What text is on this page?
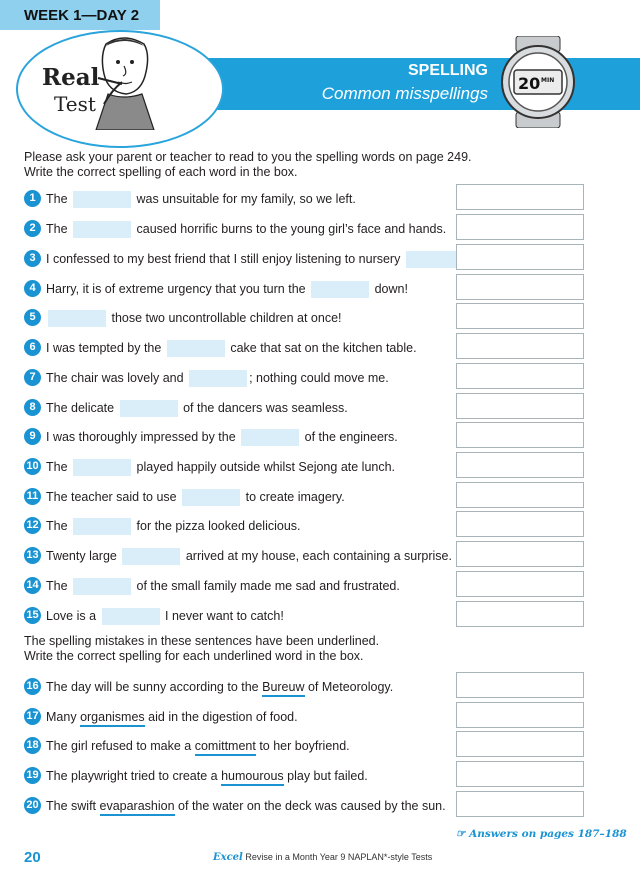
WEEK 1—DAY 2
SPELLING
Common misspellings
Real
Test
20 MIN
Please ask your parent or teacher to read to you the spelling words on page 249.
Write the correct spelling of each word in the box.
1 The	was unsuitable for my family, so we left.
2 The	caused horrific burns to the young girl’s face and hands.
3 I confessed to my best friend that I still enjoy listening to nursery
4 Harry, it is of extreme urgency that you turn the	down!
5	those two uncontrollable children at once!
6 I was tempted by the	cake that sat on the kitchen table.
7 The chair was lovely and	; nothing could move me.
8 The delicate	of the dancers was seamless.
9 I was thoroughly impressed by the	of the engineers.
10 The	played happily outside whilst Sejong ate lunch.
11 The teacher said to use	to create imagery.
12 The	for the pizza looked delicious.
13 Twenty large	arrived at my house, each containing a surprise.
14 The	of the small family made me sad and frustrated.
15 Love is a	I never want to catch!
The spelling mistakes in these sentences have been underlined.
Write the correct spelling for each underlined word in the box.
16 The day will be sunny according to the Bureuw of Meteorology.
17 Many organismes aid in the digestion of food.
18 The girl refused to make a comittment to her boyfriend.
19 The playwright tried to create a humourous play but failed.
20 The swift evaparashion of the water on the deck was caused by the sun.
☞ Answers on pages 187–188
20	Excel Revise in a Month Year 9 NAPLAN*-style Tests
